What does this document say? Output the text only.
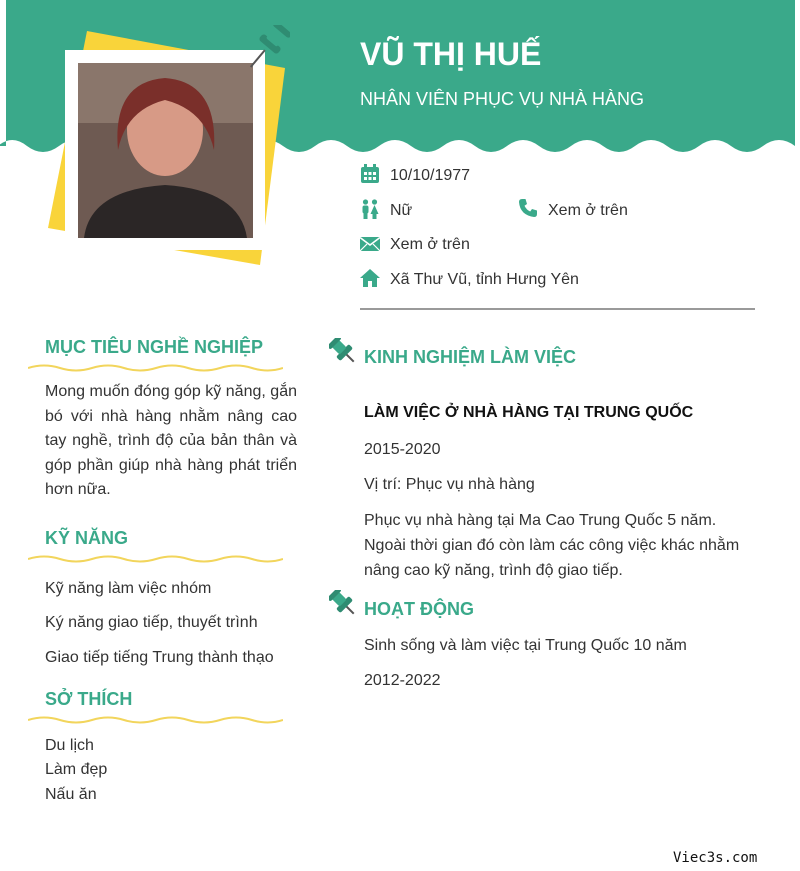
VŨ THỊ HUẾ
NHÂN VIÊN PHỤC VỤ NHÀ HÀNG
10/10/1977
Nữ	Xem ở trên
Xem ở trên
Xã Thư Vũ, tỉnh Hưng Yên
MỤC TIÊU NGHỀ NGHIỆP
Mong muốn đóng góp kỹ năng, gắn bó với nhà hàng nhằm nâng cao tay nghề, trình độ của bản thân và góp phần giúp nhà hàng phát triển hơn nữa.
KỸ NĂNG
Kỹ năng làm việc nhóm
Ký năng giao tiếp, thuyết trình
Giao tiếp tiếng Trung thành thạo
SỞ THÍCH
Du lịch
Làm đẹp
Nấu ăn
KINH NGHIỆM LÀM VIỆC
LÀM VIỆC Ở NHÀ HÀNG TẠI TRUNG QUỐC
2015-2020
Vị trí: Phục vụ nhà hàng
Phục vụ nhà hàng tại Ma Cao Trung Quốc 5 năm. Ngoài thời gian đó còn làm các công việc khác nhằm nâng cao kỹ năng, trình độ giao tiếp.
HOẠT ĐỘNG
Sinh sống và làm việc tại Trung Quốc 10 năm
2012-2022
Viec3s.com
